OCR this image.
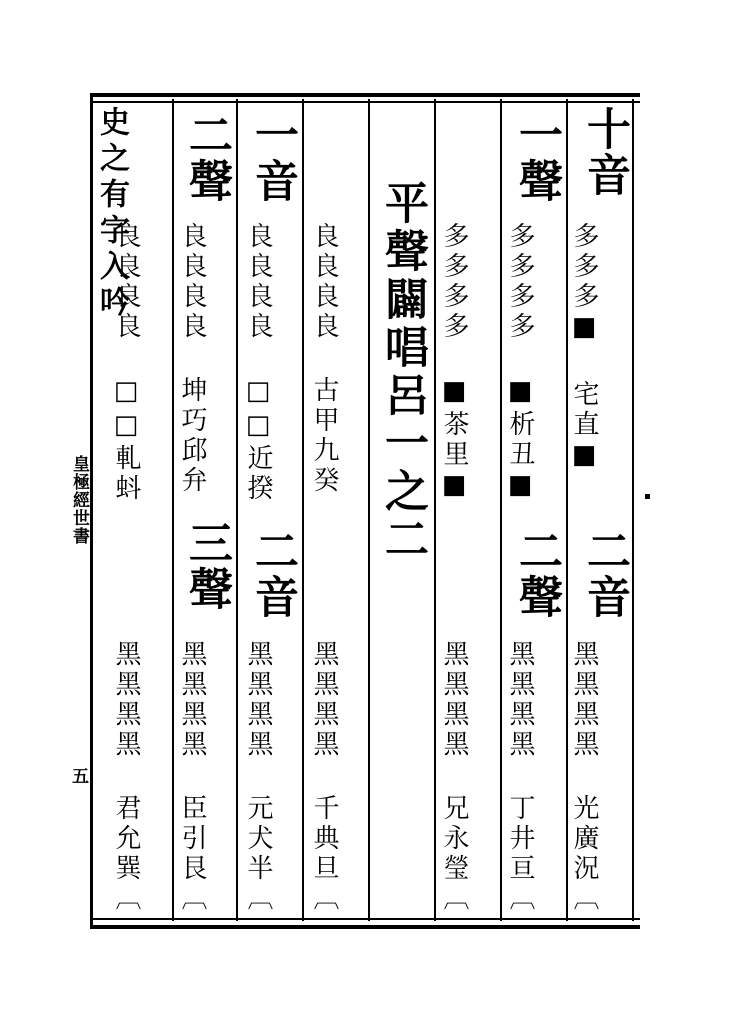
史之有字入吟
皇極經世書
五
十音
多多多■ 宅直■
二音
黑黑黑黑 光廣況〔
一聲
多多多多 ■析丑■
二聲
黑黑黑黑 丁井亘〔
多多多多 ■茶里■
黑黑黑黑 兄永瑩〔
平聲闢唱呂一之二
良良良良 古甲九癸
黑黑黑黑 千典旦〔
一音
良良良良 □□近揆
二音
黑黑黑黑 元犬半〔
二聲
良良良良 坤巧邱弁
三聲
黑黑黑黑 臣引艮〔
良良良良 □□軋蚪
黑黑黑黑 君允巽〔
